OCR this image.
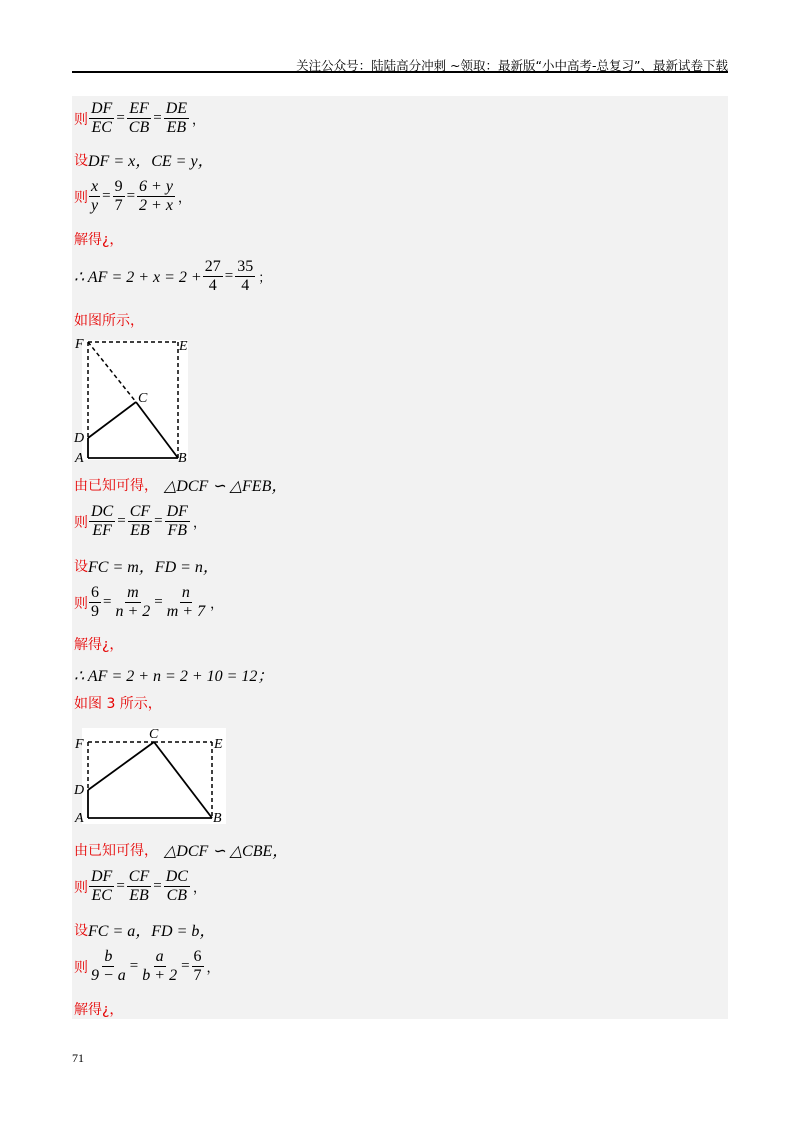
关注公众号：陆陆高分冲刺 ~领取：最新版“小中高考-总复习”、最新试卷下载
则 $\frac{DF}{EC} = \frac{EF}{CB} = \frac{DE}{EB}$ ，
设 DF = x，CE = y，
则 $\frac{x}{y} = \frac{9}{7} = \frac{6 + y}{2 + x}$ ，
解得¿，
∴ AF = $2 + x = 2 + \frac{27}{4} = \frac{35}{4}$ ；
如图所示，
F	E
C
D
A	B
由已知可得， △DCF ∽ △FEB，
则 $\frac{DC}{EF} = \frac{CF}{EB} = \frac{DF}{FB}$ ，
设 FC = m，FD = n，
则 $\frac{6}{9} = \frac{m}{n + 2} = \frac{n}{m + 7}$ ，
解得¿，
∴ AF = 2 + n = 2 + 10 = 12；
如图 3 所示，
F	E
C
D
A	B
由已知可得， △DCF ∽ △CBE，
则 $\frac{DF}{EC} = \frac{CF}{EB} = \frac{DC}{CB}$ ，
设 FC = a，FD = b，
则 $\frac{b}{9 - a} = \frac{a}{b + 2} = \frac{6}{7}$ ，
解得¿，
71
